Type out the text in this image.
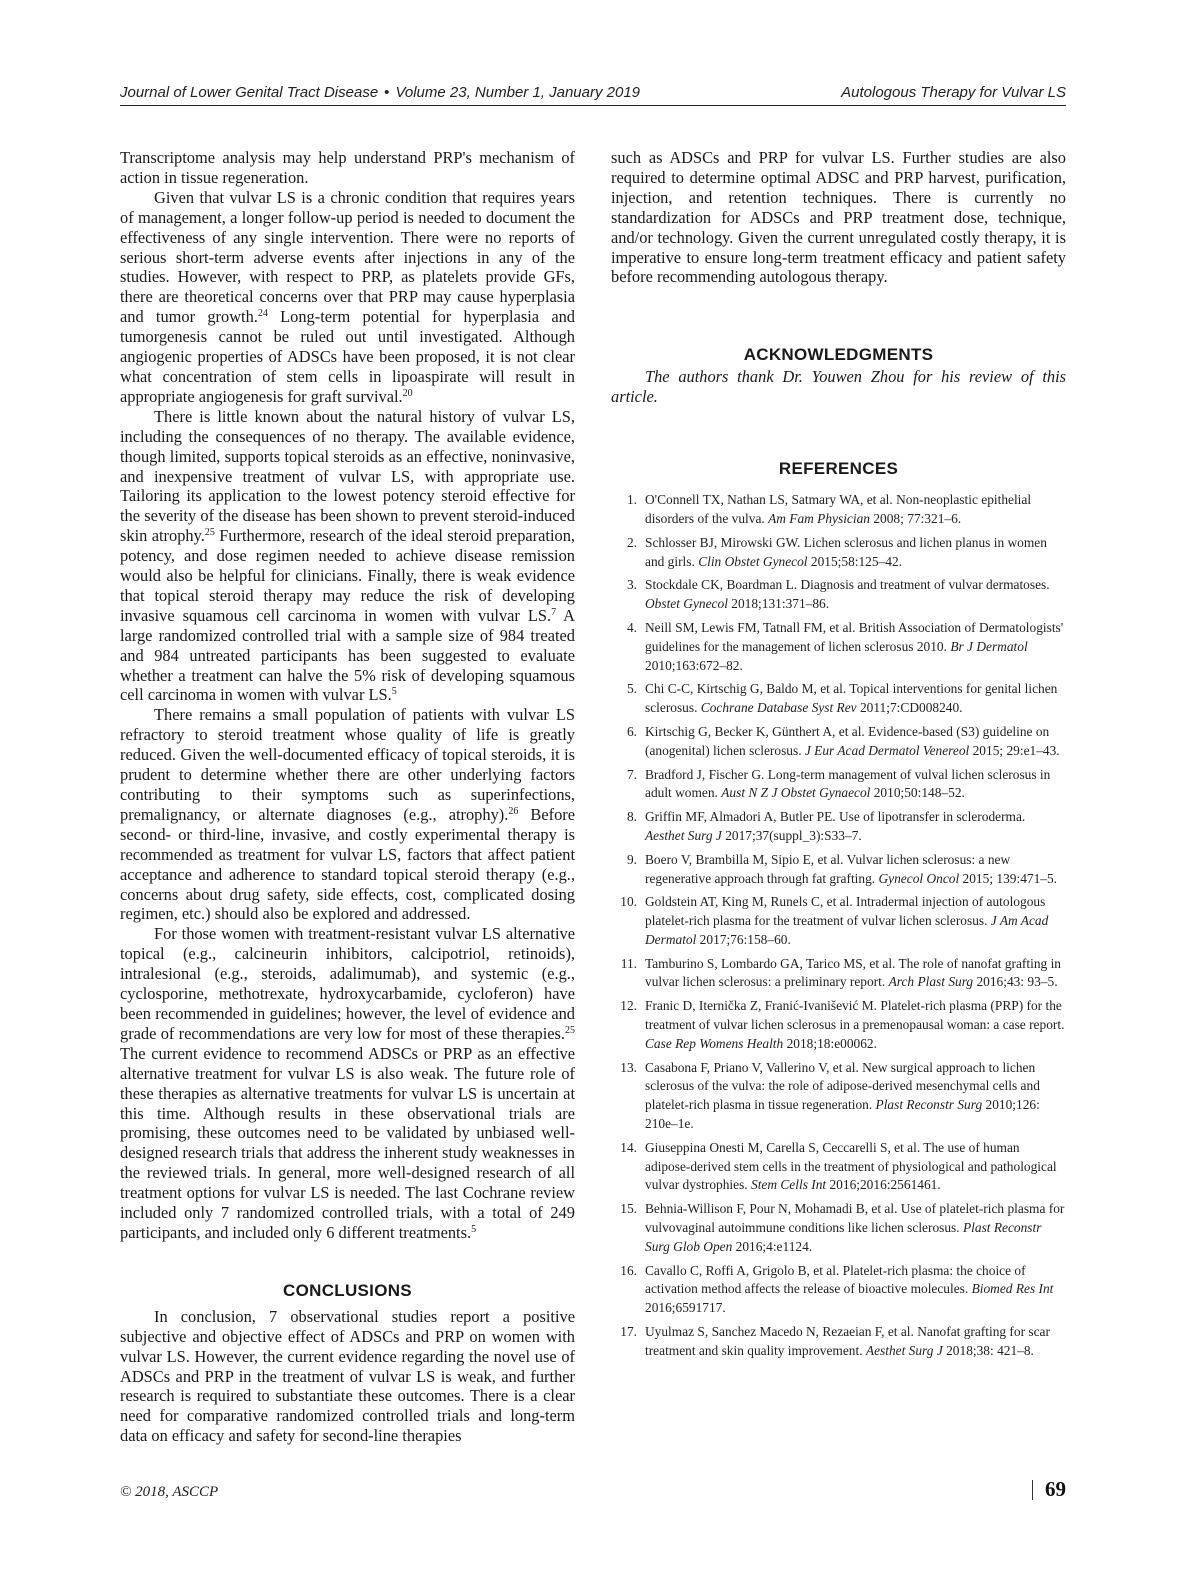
Journal of Lower Genital Tract Disease • Volume 23, Number 1, January 2019	Autologous Therapy for Vulvar LS

Transcriptome analysis may help understand PRP's mechanism of action in tissue regeneration.

Given that vulvar LS is a chronic condition that requires years of management, a longer follow-up period is needed to document the effectiveness of any single intervention. There were no reports of serious short-term adverse events after injections in any of the studies. However, with respect to PRP, as platelets provide GFs, there are theoretical concerns over that PRP may cause hyperplasia and tumor growth.$^{24}$ Long-term potential for hyperplasia and tumorgenesis cannot be ruled out until investigated. Although angiogenic properties of ADSCs have been proposed, it is not clear what concentration of stem cells in lipoaspirate will result in appropriate angiogenesis for graft survival.$^{20}$

There is little known about the natural history of vulvar LS, including the consequences of no therapy. The available evidence, though limited, supports topical steroids as an effective, noninvasive, and inexpensive treatment of vulvar LS, with appropriate use. Tailoring its application to the lowest potency steroid effective for the severity of the disease has been shown to prevent steroid-induced skin atrophy.$^{25}$ Furthermore, research of the ideal steroid preparation, potency, and dose regimen needed to achieve disease remission would also be helpful for clinicians. Finally, there is weak evidence that topical steroid therapy may reduce the risk of developing invasive squamous cell carcinoma in women with vulvar LS.$^7$ A large randomized controlled trial with a sample size of 984 treated and 984 untreated participants has been suggested to evaluate whether a treatment can halve the 5% risk of developing squamous cell carcinoma in women with vulvar LS.$^5$

There remains a small population of patients with vulvar LS refractory to steroid treatment whose quality of life is greatly reduced. Given the well-documented efficacy of topical steroids, it is prudent to determine whether there are other underlying factors contributing to their symptoms such as superinfections, premalignancy, or alternate diagnoses (e.g., atrophy).$^{26}$ Before second- or third-line, invasive, and costly experimental therapy is recommended as treatment for vulvar LS, factors that affect patient acceptance and adherence to standard topical steroid therapy (e.g., concerns about drug safety, side effects, cost, complicated dosing regimen, etc.) should also be explored and addressed.

For those women with treatment-resistant vulvar LS alternative topical (e.g., calcineurin inhibitors, calcipotriol, retinoids), intralesional (e.g., steroids, adalimumab), and systemic (e.g., cyclosporine, methotrexate, hydroxycarbamide, cycloferon) have been recommended in guidelines; however, the level of evidence and grade of recommendations are very low for most of these therapies.$^{25}$ The current evidence to recommend ADSCs or PRP as an effective alternative treatment for vulvar LS is also weak. The future role of these therapies as alternative treatments for vulvar LS is uncertain at this time. Although results in these observational trials are promising, these outcomes need to be validated by unbiased well-designed research trials that address the inherent study weaknesses in the reviewed trials. In general, more well-designed research of all treatment options for vulvar LS is needed. The last Cochrane review included only 7 randomized controlled trials, with a total of 249 participants, and included only 6 different treatments.$^5$

CONCLUSIONS

In conclusion, 7 observational studies report a positive subjective and objective effect of ADSCs and PRP on women with vulvar LS. However, the current evidence regarding the novel use of ADSCs and PRP in the treatment of vulvar LS is weak, and further research is required to substantiate these outcomes. There is a clear need for comparative randomized controlled trials and long-term data on efficacy and safety for second-line therapies

such as ADSCs and PRP for vulvar LS. Further studies are also required to determine optimal ADSC and PRP harvest, purification, injection, and retention techniques. There is currently no standardization for ADSCs and PRP treatment dose, technique, and/or technology. Given the current unregulated costly therapy, it is imperative to ensure long-term treatment efficacy and patient safety before recommending autologous therapy.

ACKNOWLEDGMENTS

The authors thank Dr. Youwen Zhou for his review of this article.

REFERENCES
1. O'Connell TX, Nathan LS, Satmary WA, et al. Non-neoplastic epithelial disorders of the vulva. Am Fam Physician 2008; 77:321–6.
2. Schlosser BJ, Mirowski GW. Lichen sclerosus and lichen planus in women and girls. Clin Obstet Gynecol 2015;58:125–42.
3. Stockdale CK, Boardman L. Diagnosis and treatment of vulvar dermatoses. Obstet Gynecol 2018;131:371–86.
4. Neill SM, Lewis FM, Tatnall FM, et al. British Association of Dermatologists' guidelines for the management of lichen sclerosus 2010. Br J Dermatol 2010;163:672–82.
5. Chi C-C, Kirtschig G, Baldo M, et al. Topical interventions for genital lichen sclerosus. Cochrane Database Syst Rev 2011;7:CD008240.
6. Kirtschig G, Becker K, Günthert A, et al. Evidence-based (S3) guideline on (anogenital) lichen sclerosus. J Eur Acad Dermatol Venereol 2015; 29:e1–43.
7. Bradford J, Fischer G. Long-term management of vulval lichen sclerosus in adult women. Aust N Z J Obstet Gynaecol 2010;50:148–52.
8. Griffin MF, Almadori A, Butler PE. Use of lipotransfer in scleroderma. Aesthet Surg J 2017;37(suppl_3):S33–7.
9. Boero V, Brambilla M, Sipio E, et al. Vulvar lichen sclerosus: a new regenerative approach through fat grafting. Gynecol Oncol 2015; 139:471–5.
10. Goldstein AT, King M, Runels C, et al. Intradermal injection of autologous platelet-rich plasma for the treatment of vulvar lichen sclerosus. J Am Acad Dermatol 2017;76:158–60.
11. Tamburino S, Lombardo GA, Tarico MS, et al. The role of nanofat grafting in vulvar lichen sclerosus: a preliminary report. Arch Plast Surg 2016;43: 93–5.
12. Franic D, Iternička Z, Franić-Ivanišević M. Platelet-rich plasma (PRP) for the treatment of vulvar lichen sclerosus in a premenopausal woman: a case report. Case Rep Womens Health 2018;18:e00062.
13. Casabona F, Priano V, Vallerino V, et al. New surgical approach to lichen sclerosus of the vulva: the role of adipose-derived mesenchymal cells and platelet-rich plasma in tissue regeneration. Plast Reconstr Surg 2010;126: 210e–1e.
14. Giuseppina Onesti M, Carella S, Ceccarelli S, et al. The use of human adipose-derived stem cells in the treatment of physiological and pathological vulvar dystrophies. Stem Cells Int 2016;2016:2561461.
15. Behnia-Willison F, Pour N, Mohamadi B, et al. Use of platelet-rich plasma for vulvovaginal autoimmune conditions like lichen sclerosus. Plast Reconstr Surg Glob Open 2016;4:e1124.
16. Cavallo C, Roffi A, Grigolo B, et al. Platelet-rich plasma: the choice of activation method affects the release of bioactive molecules. Biomed Res Int 2016;6591717.
17. Uyulmaz S, Sanchez Macedo N, Rezaeian F, et al. Nanofat grafting for scar treatment and skin quality improvement. Aesthet Surg J 2018;38: 421–8.
© 2018, ASCCP	69
